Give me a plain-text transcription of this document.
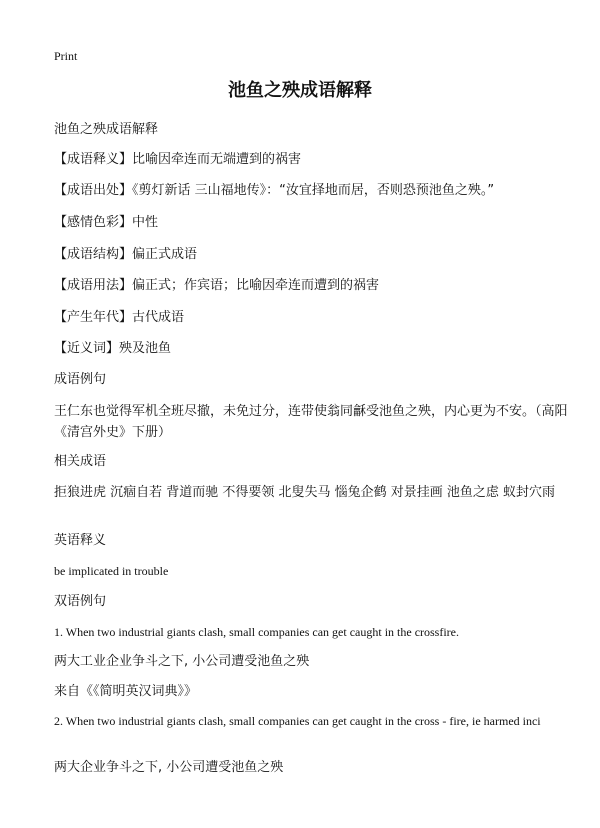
Print
池鱼之殃成语解释
池鱼之殃成语解释
【成语释义】比喻因牵连而无端遭到的祸害
【成语出处】《剪灯新话 三山福地传》：“汝宜择地而居，否则恐预池鱼之殃。”
【感情色彩】中性
【成语结构】偏正式成语
【成语用法】偏正式；作宾语；比喻因牵连而遭到的祸害
【产生年代】古代成语
【近义词】殃及池鱼
成语例句
王仁东也觉得军机全班尽撤，未免过分，连带使翁同龢受池鱼之殃，内心更为不安。（高阳《清宫外史》下册）
相关成语
拒狼进虎 沉痼自若 背道而驰 不得要领 北叟失马 惱兔企鹤 对景挂画 池鱼之虑 蚁封穴雨
英语释义
be implicated in trouble
双语例句
1. When two industrial giants clash, small companies can get caught in the crossfire.
两大工业企业争斗之下, 小公司遭受池鱼之殃
来自《《简明英汉词典》》
2. When two industrial giants clash, small companies can get caught in the cross - fire, ie harmed inci
两大企业争斗之下, 小公司遭受池鱼之殃
